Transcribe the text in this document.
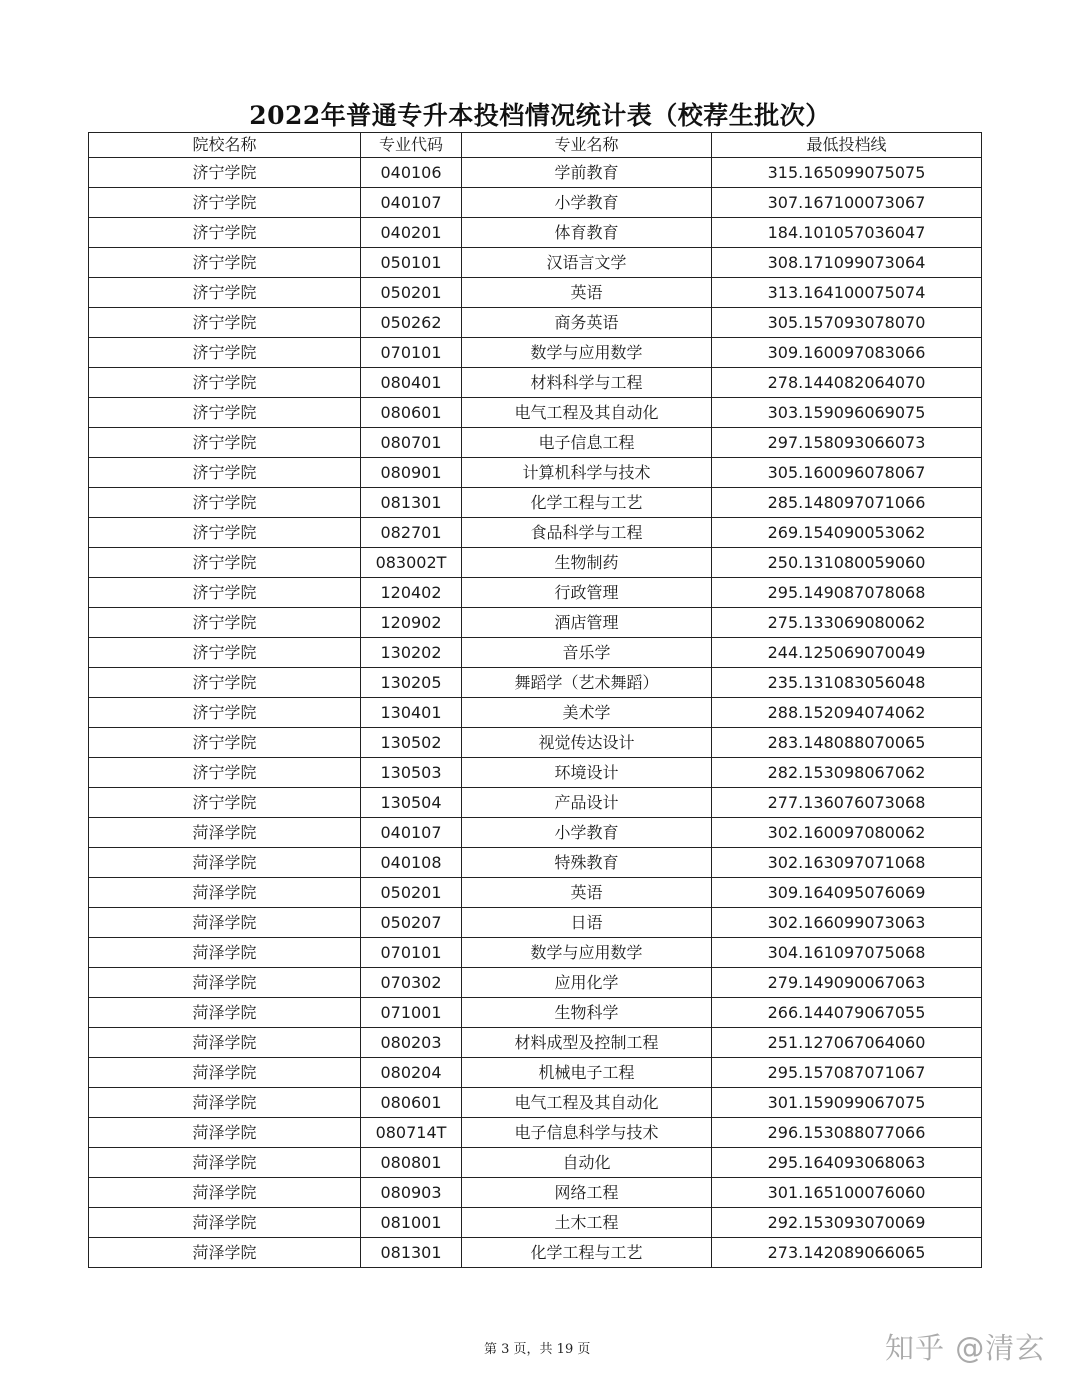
2022年普通专升本投档情况统计表（校荐生批次）
院校名称	专业代码	专业名称	最低投档线
济宁学院	040106	学前教育	315.165099075075
济宁学院	040107	小学教育	307.167100073067
济宁学院	040201	体育教育	184.101057036047
济宁学院	050101	汉语言文学	308.171099073064
济宁学院	050201	英语	313.164100075074
济宁学院	050262	商务英语	305.157093078070
济宁学院	070101	数学与应用数学	309.160097083066
济宁学院	080401	材料科学与工程	278.144082064070
济宁学院	080601	电气工程及其自动化	303.159096069075
济宁学院	080701	电子信息工程	297.158093066073
济宁学院	080901	计算机科学与技术	305.160096078067
济宁学院	081301	化学工程与工艺	285.148097071066
济宁学院	082701	食品科学与工程	269.154090053062
济宁学院	083002T	生物制药	250.131080059060
济宁学院	120402	行政管理	295.149087078068
济宁学院	120902	酒店管理	275.133069080062
济宁学院	130202	音乐学	244.125069070049
济宁学院	130205	舞蹈学（艺术舞蹈）	235.131083056048
济宁学院	130401	美术学	288.152094074062
济宁学院	130502	视觉传达设计	283.148088070065
济宁学院	130503	环境设计	282.153098067062
济宁学院	130504	产品设计	277.136076073068
菏泽学院	040107	小学教育	302.160097080062
菏泽学院	040108	特殊教育	302.163097071068
菏泽学院	050201	英语	309.164095076069
菏泽学院	050207	日语	302.166099073063
菏泽学院	070101	数学与应用数学	304.161097075068
菏泽学院	070302	应用化学	279.149090067063
菏泽学院	071001	生物科学	266.144079067055
菏泽学院	080203	材料成型及控制工程	251.127067064060
菏泽学院	080204	机械电子工程	295.157087071067
菏泽学院	080601	电气工程及其自动化	301.159099067075
菏泽学院	080714T	电子信息科学与技术	296.153088077066
菏泽学院	080801	自动化	295.164093068063
菏泽学院	080903	网络工程	301.165100076060
菏泽学院	081001	土木工程	292.153093070069
菏泽学院	081301	化学工程与工艺	273.142089066065
第 3 页，共 19 页	知乎 @清玄
